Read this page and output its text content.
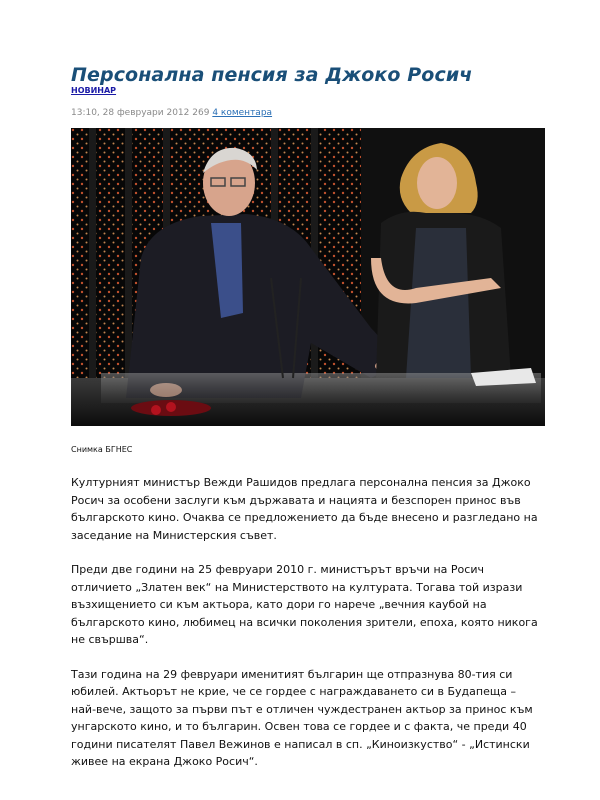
Персонална пенсия за Джоко Росич
НОВИНАР
13:10, 28 февруари 2012 269 4 коментара
Снимка БГНЕС

Културният министър Вежди Рашидов предлага персонална пенсия за Джоко Росич за особени заслуги към държавата и нацията и безспорен принос във българското кино. Очаква се предложението да бъде внесено и разгледано на заседание на Министерския съвет.

Преди две години на 25 февруари 2010 г. министърът връчи на Росич отличието „Златен век“ на Министерството на културата. Тогава той изрази възхищението си към актьора, като дори го нарече „вечния каубой на българското кино, любимец на всички поколения зрители, епоха, която никога не свършва“.

Тази година на 29 февруари именитият българин ще отпразнува 80-тия си юбилей. Актьорът не крие, че се гордее с награждаването си в Будапеща – най-вече, защото за първи път е отличен чуждестранен актьор за принос към унгарското кино, и то българин. Освен това се гордее и с факта, че преди 40 години писателят Павел Вежинов е написал в сп. „Киноизкуство“ - „Истински живее на екрана Джоко Росич“.
